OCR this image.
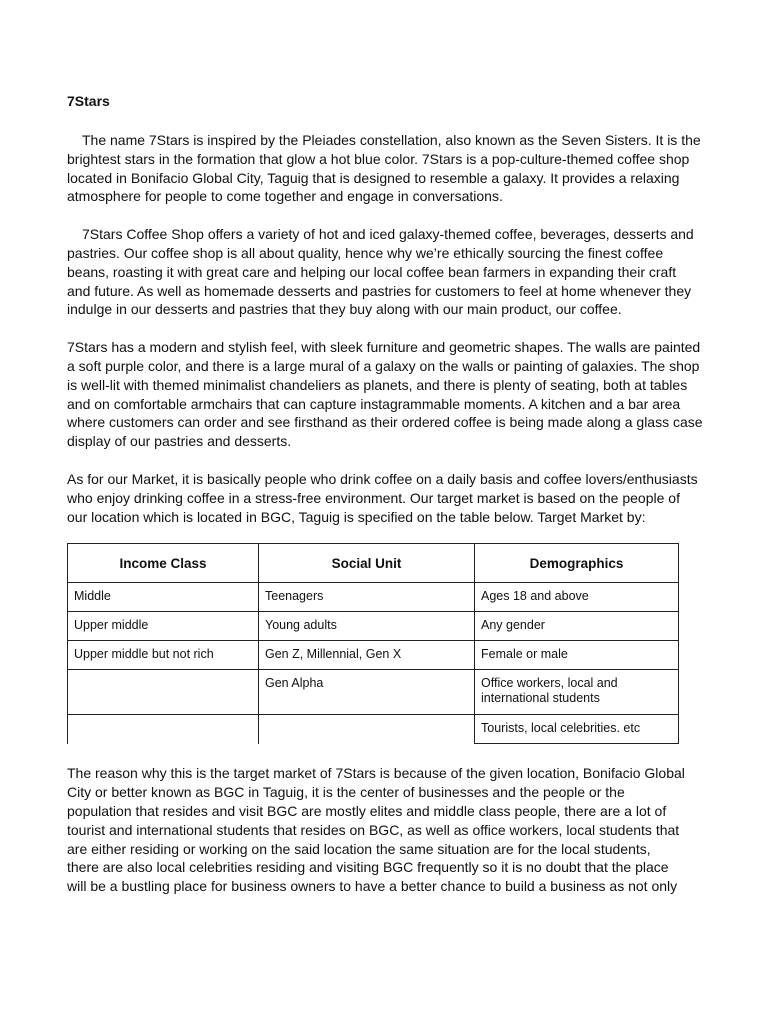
7Stars
The name 7Stars is inspired by the Pleiades constellation, also known as the Seven Sisters. It is the
brightest stars in the formation that glow a hot blue color. 7Stars is a pop-culture-themed coffee shop
located in Bonifacio Global City, Taguig that is designed to resemble a galaxy. It provides a relaxing
atmosphere for people to come together and engage in conversations.
7Stars Coffee Shop offers a variety of hot and iced galaxy-themed coffee, beverages, desserts and
pastries. Our coffee shop is all about quality, hence why we’re ethically sourcing the finest coffee
beans, roasting it with great care and helping our local coffee bean farmers in expanding their craft
and future. As well as homemade desserts and pastries for customers to feel at home whenever they
indulge in our desserts and pastries that they buy along with our main product, our coffee.
7Stars has a modern and stylish feel, with sleek furniture and geometric shapes. The walls are painted
a soft purple color, and there is a large mural of a galaxy on the walls or painting of galaxies. The shop
is well-lit with themed minimalist chandeliers as planets, and there is plenty of seating, both at tables
and on comfortable armchairs that can capture instagrammable moments. A kitchen and a bar area
where customers can order and see firsthand as their ordered coffee is being made along a glass case
display of our pastries and desserts.
As for our Market, it is basically people who drink coffee on a daily basis and coffee lovers/enthusiasts
who enjoy drinking coffee in a stress-free environment. Our target market is based on the people of
our location which is located in BGC, Taguig is specified on the table below. Target Market by:
Income Class	Social Unit	Demographics
Middle	Teenagers	Ages 18 and above
Upper middle	Young adults	Any gender
Upper middle but not rich	Gen Z, Millennial, Gen X	Female or male
	Gen Alpha	Office workers, local and international students
		Tourists, local celebrities. etc
The reason why this is the target market of 7Stars is because of the given location, Bonifacio Global
City or better known as BGC in Taguig, it is the center of businesses and the people or the
population that resides and visit BGC are mostly elites and middle class people, there are a lot of
tourist and international students that resides on BGC, as well as office workers, local students that
are either residing or working on the said location the same situation are for the local students,
there are also local celebrities residing and visiting BGC frequently so it is no doubt that the place
will be a bustling place for business owners to have a better chance to build a business as not only
